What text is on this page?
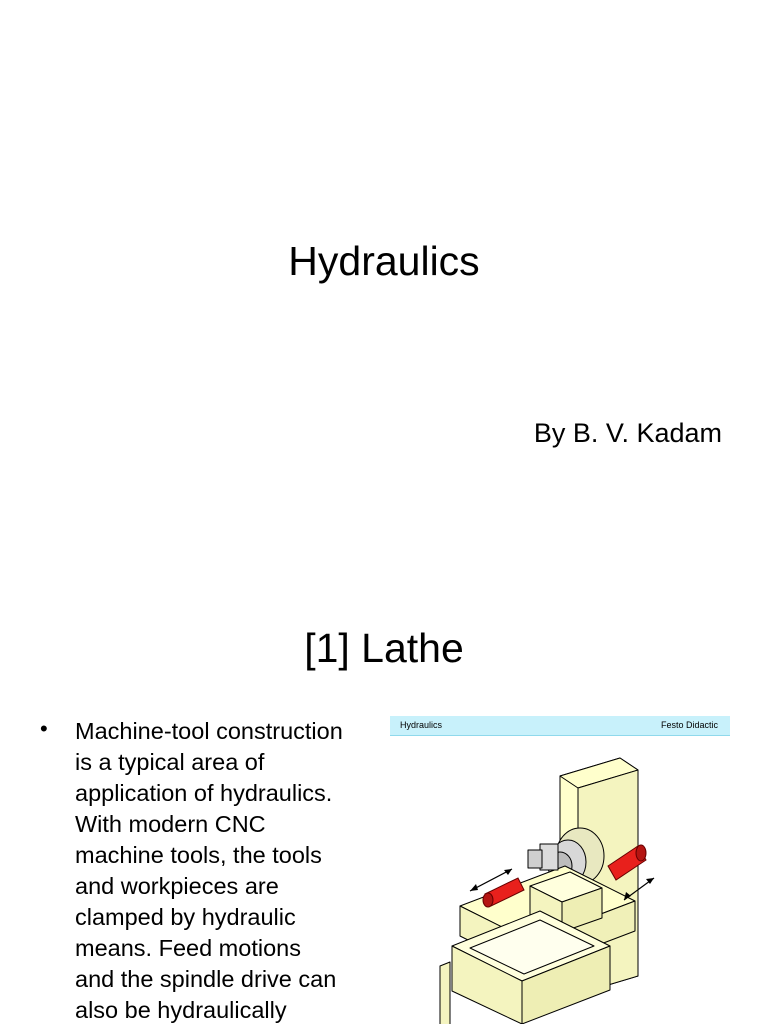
Hydraulics
By B. V. Kadam
[1] Lathe
• Machine-tool construction
is a typical area of
application of hydraulics.
With modern CNC
machine tools, the tools
and workpieces are
clamped by hydraulic
means. Feed motions
and the spindle drive can
also be hydraulically
Hydraulics	Festo Didactic
